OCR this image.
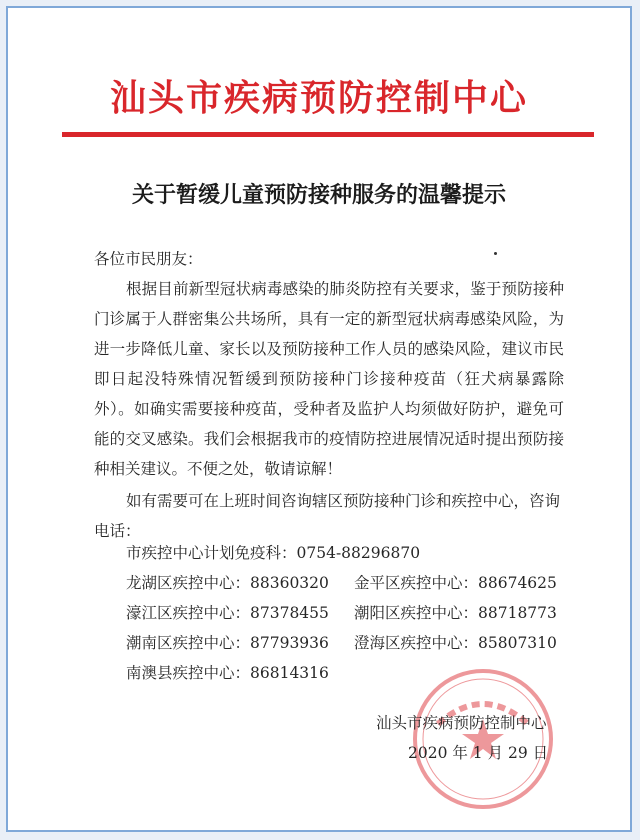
汕头市疾病预防控制中心
关于暂缓儿童预防接种服务的温馨提示
各位市民朋友：
根据目前新型冠状病毒感染的肺炎防控有关要求，鉴于预防接种门诊属于人群密集公共场所，具有一定的新型冠状病毒感染风险，为进一步降低儿童、家长以及预防接种工作人员的感染风险，建议市民即日起没特殊情况暂缓到预防接种门诊接种疫苗（狂犬病暴露除外）。如确实需要接种疫苗，受种者及监护人均须做好防护，避免可能的交叉感染。我们会根据我市的疫情防控进展情况适时提出预防接种相关建议。不便之处，敬请谅解！
如有需要可在上班时间咨询辖区预防接种门诊和疾控中心，咨询电话：
市疾控中心计划免疫科：0754-88296870
龙湖区疾控中心：88360320	金平区疾控中心：88674625
濠江区疾控中心：87378455	潮阳区疾控中心：88718773
潮南区疾控中心：87793936	澄海区疾控中心：85807310
南澳县疾控中心：86814316
汕头市疾病预防控制中心
2020 年 1 月 29 日
